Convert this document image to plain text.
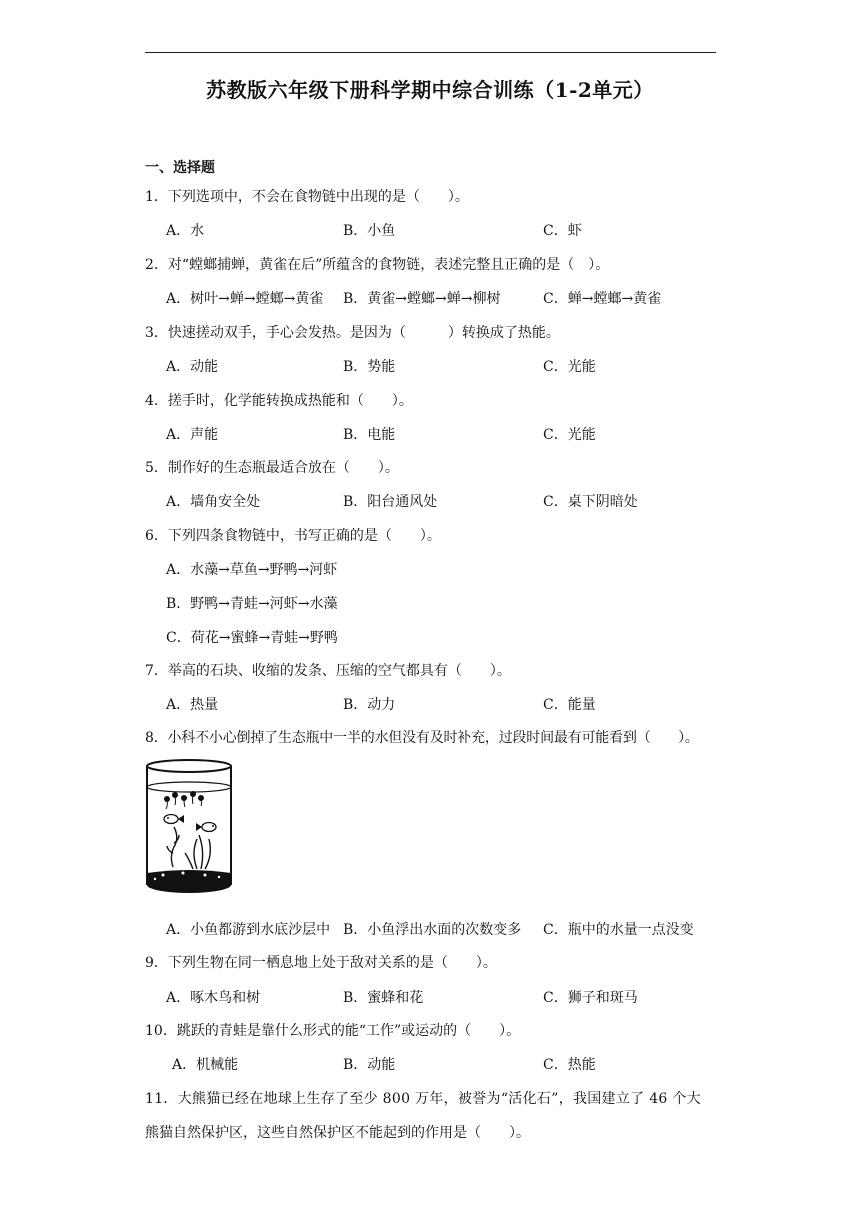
苏教版六年级下册科学期中综合训练（1-2单元）
一、选择题
1．下列选项中，不会在食物链中出现的是（　　）。
A．水	B．小鱼	C．虾
2．对“螳螂捕蝉，黄雀在后”所蕴含的食物链，表述完整且正确的是（　）。
A．树叶→蝉→螳螂→黄雀 B．黄雀→螳螂→蝉→柳树	C．蝉→螳螂→黄雀
3．快速搓动双手，手心会发热。是因为（　　　）转换成了热能。
A．动能	B．势能	C．光能
4．搓手时，化学能转换成热能和（　　）。
A．声能	B．电能	C．光能
5．制作好的生态瓶最适合放在（　　）。
A．墙角安全处	B．阳台通风处	C．桌下阴暗处
6．下列四条食物链中，书写正确的是（　　）。
A．水藻→草鱼→野鸭→河虾
B．野鸭→青蛙→河虾→水藻
C．荷花→蜜蜂→青蛙→野鸭
7．举高的石块、收缩的发条、压缩的空气都具有（　　）。
A．热量	B．动力	C．能量
8．小科不小心倒掉了生态瓶中一半的水但没有及时补充，过段时间最有可能看到（　　）。
A．小鱼都游到水底沙层中 B．小鱼浮出水面的次数变多 C．瓶中的水量一点没变
9．下列生物在同一栖息地上处于敌对关系的是（　　）。
A．啄木鸟和树	B．蜜蜂和花	C．狮子和斑马
10．跳跃的青蛙是靠什么形式的能“工作”或运动的（　　）。
A．机械能	B．动能	C．热能
11．大熊猫已经在地球上生存了至少 800 万年，被誉为“活化石”，我国建立了 46 个大
熊猫自然保护区，这些自然保护区不能起到的作用是（　　）。
